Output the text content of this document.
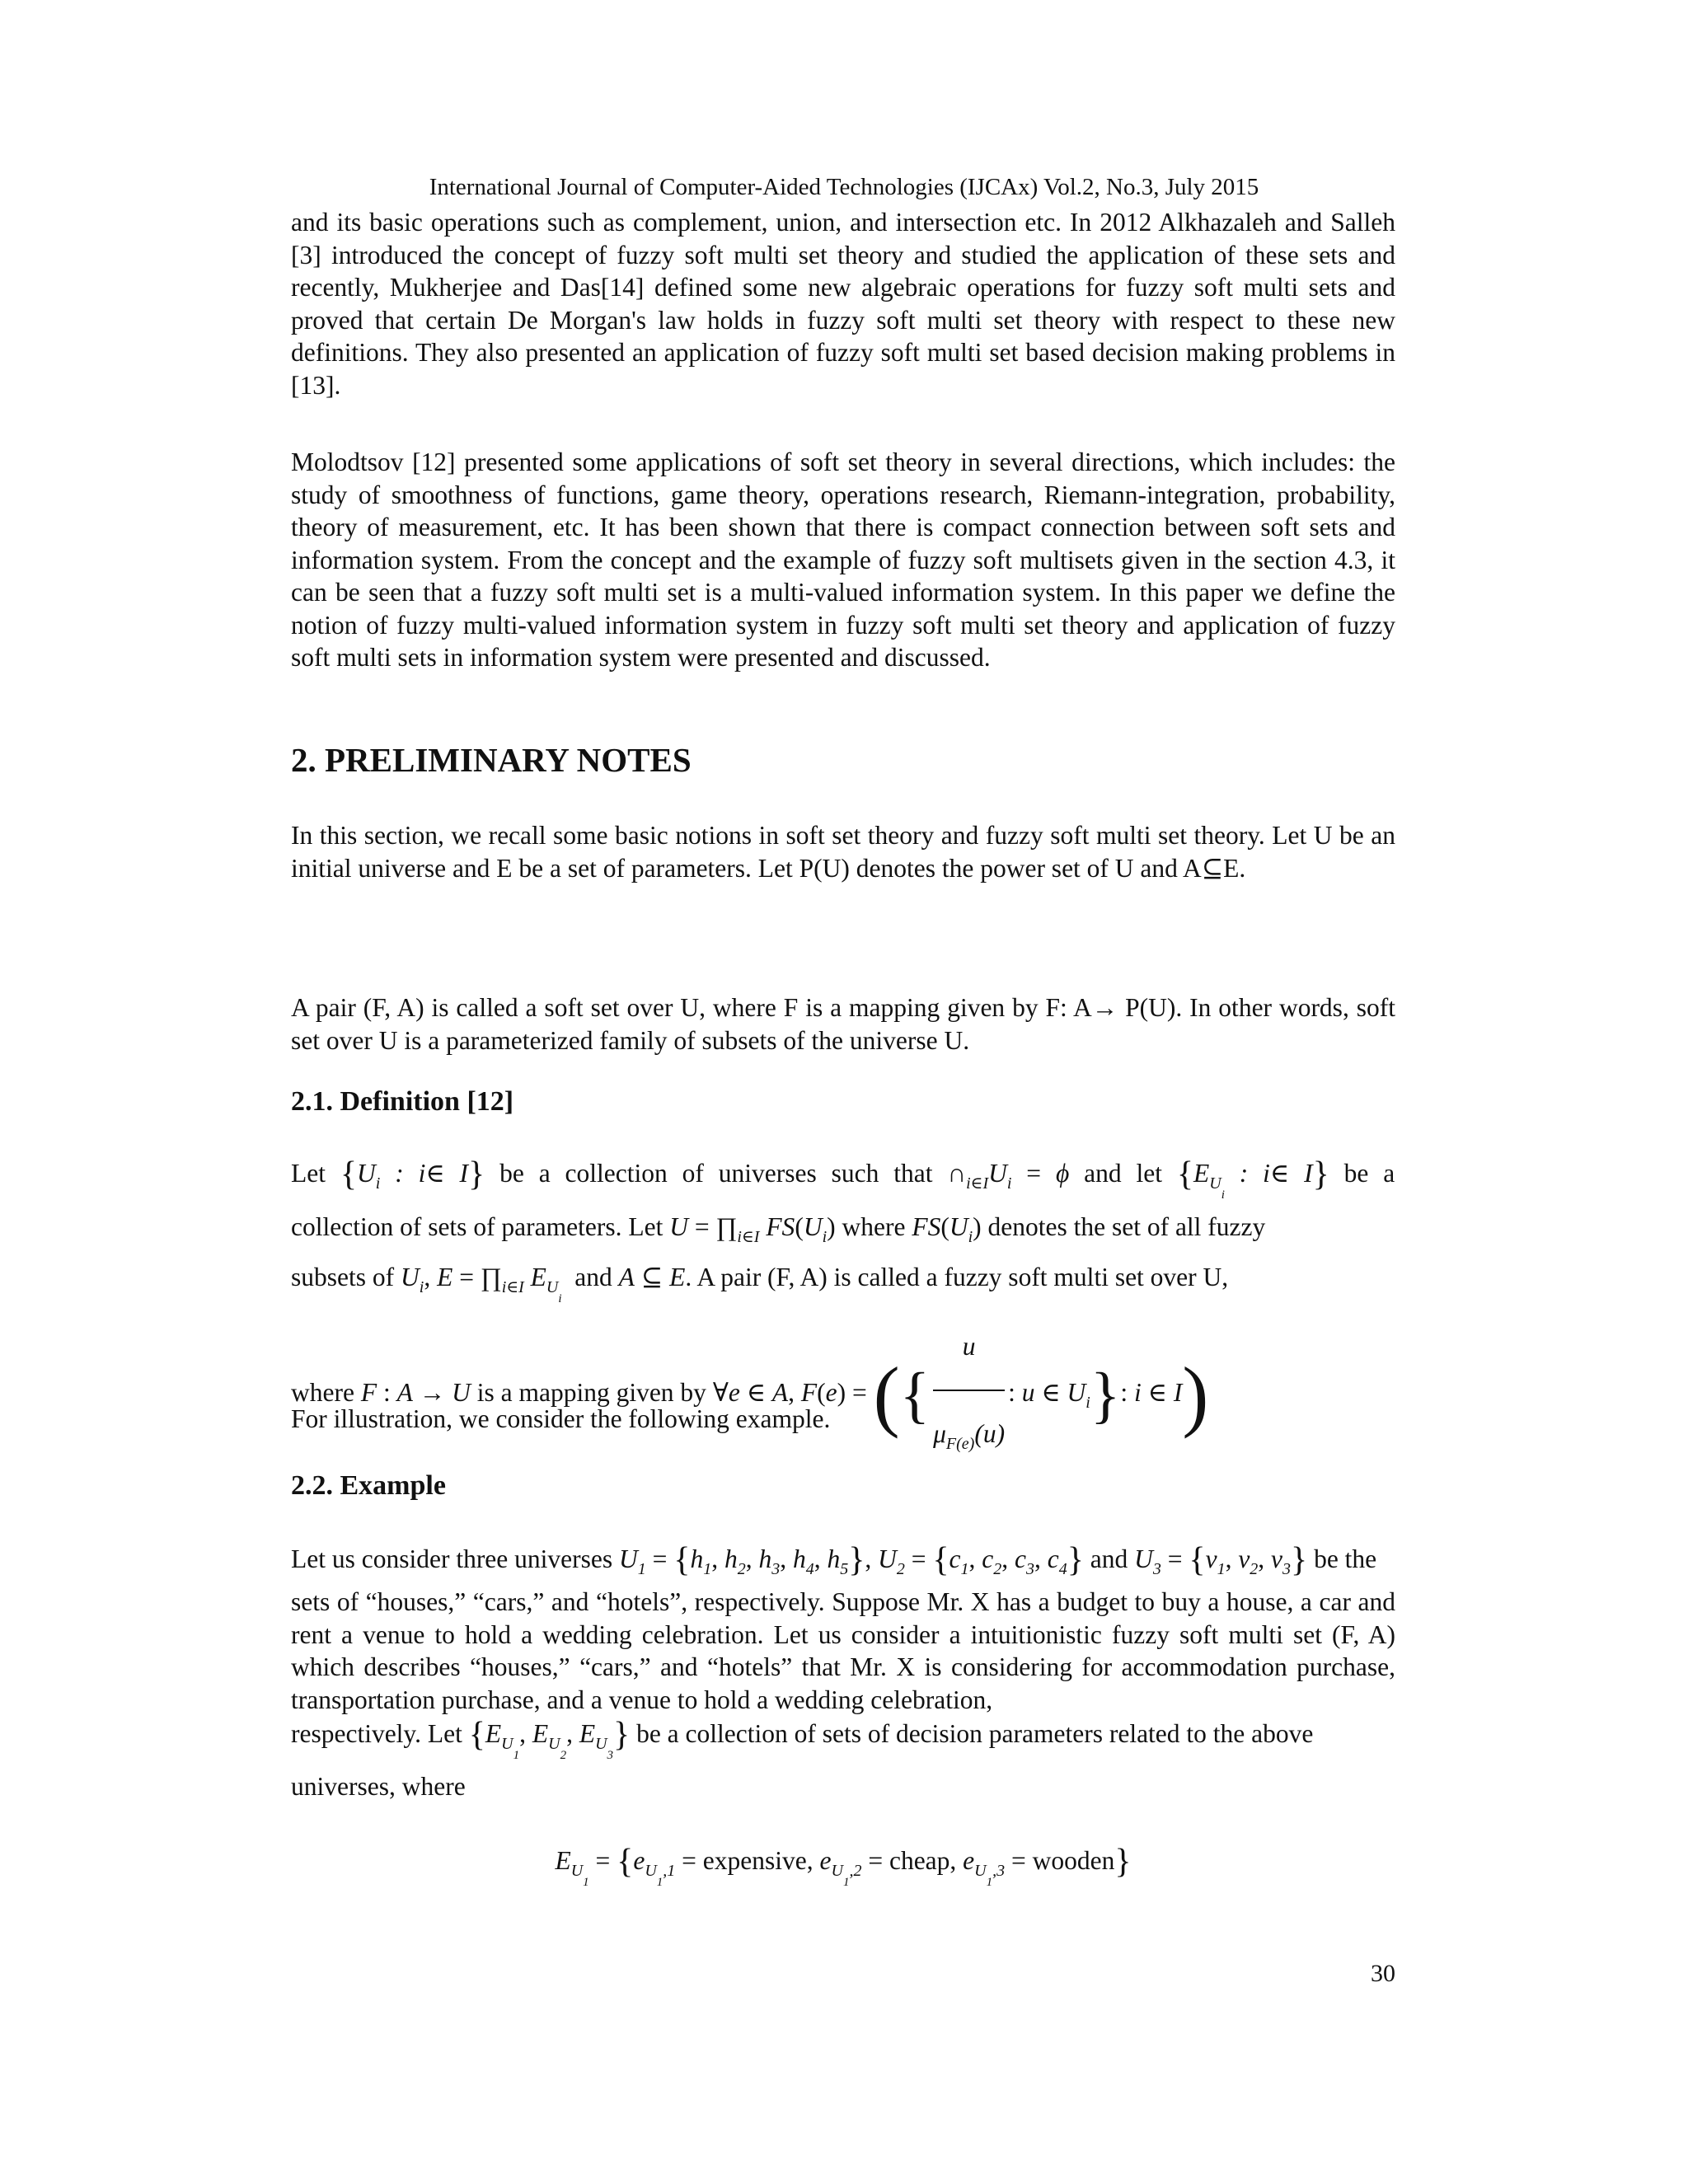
International Journal of Computer-Aided Technologies (IJCAx) Vol.2, No.3, July 2015

and its basic operations such as complement, union, and intersection etc. In 2012 Alkhazaleh and Salleh [3] introduced the concept of fuzzy soft multi set theory and studied the application of these sets and recently, Mukherjee and Das[14] defined some new algebraic operations for fuzzy soft multi sets and proved that certain De Morgan's law holds in fuzzy soft multi set theory with respect to these new definitions. They also presented an application of fuzzy soft multi set based decision making problems in [13].

Molodtsov [12] presented some applications of soft set theory in several directions, which includes: the study of smoothness of functions, game theory, operations research, Riemann-integration, probability, theory of measurement, etc. It has been shown that there is compact connection between soft sets and information system. From the concept and the example of fuzzy soft multisets given in the section 4.3, it can be seen that a fuzzy soft multi set is a multi-valued information system. In this paper we define the notion of fuzzy multi-valued information system in fuzzy soft multi set theory and application of fuzzy soft multi sets in information system were presented and discussed.

2. PRELIMINARY NOTES

In this section, we recall some basic notions in soft set theory and fuzzy soft multi set theory. Let U be an initial universe and E be a set of parameters. Let P(U) denotes the power set of U and A⊆E.

A pair (F, A) is called a soft set over U, where F is a mapping given by F: A→ P(U). In other words, soft set over U is a parameterized family of subsets of the universe U.

2.1. Definition [12]

Let {$U_i$ : i∈ I} be a collection of universes such that $\cap_{i\in I}U_i = \phi$ and let {$E_{U_i}$ : i∈ I} be a

collection of sets of parameters. Let $U = \prod_{i\in I}$ $FS(U_i)$ where $FS(U_i)$ denotes the set of all fuzzy

subsets of $U_i$, $E = \prod_{i\in I}$ $E_{U_i}$  and A ⊆ E. A pair (F, A) is called a fuzzy soft multi set over U,

where F : A → U is a mapping given by ∀e ∈ A, F(e) = ({ $\frac{u}{\mu_{F(e)}(u)}$ : u ∈ $U_i$}: i ∈ I)

For illustration, we consider the following example.

2.2. Example

Let us consider three universes $U_1 = \{h_1$, $h_2$, $h_3$, $h_4$, $h_5$}, $U_2 = \{c_1$, $c_2$, $c_3$, $c_4$} and $U_3 = \{v_1$, $v_2$, $v_3$} be the

sets of “houses,” “cars,” and “hotels”, respectively. Suppose Mr. X has a budget to buy a house, a car and rent a venue to hold a wedding celebration. Let us consider a intuitionistic fuzzy soft multi set (F, A) which describes “houses,” “cars,” and “hotels” that Mr. X is considering for accommodation purchase, transportation purchase, and a venue to hold a wedding celebration,

respectively. Let {$E_{U_1}$, $E_{U_2}$, $E_{U_3}$} be a collection of sets of decision parameters related to the above

universes, where

$E_{U_1} = \{e_{U_1,1}$ = expensive, $e_{U_1,2}$ = cheap, $e_{U_1,3}$ = wooden}

30
